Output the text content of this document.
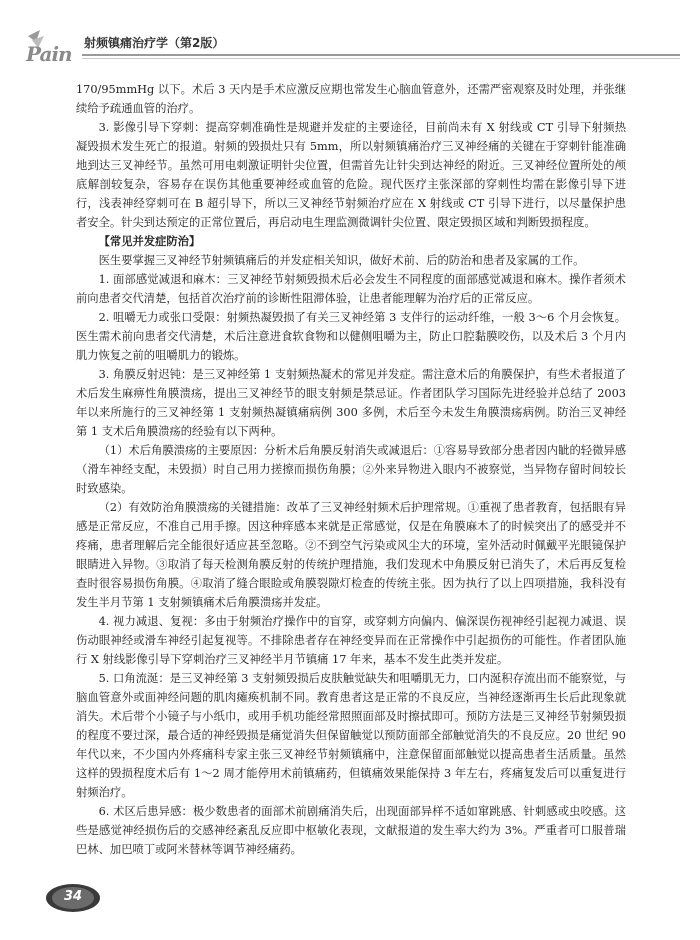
Pain 射频镇痛治疗学（第2版）

170/95mmHg 以下。术后 3 天内是手术应激反应期也常发生心脑血管意外，还需严密观察及时处理，并张继续给予疏通血管的治疗。

3. 影像引导下穿刺：提高穿刺准确性是规避并发症的主要途径，目前尚未有 X 射线或 CT 引导下射频热凝毁损术发生死亡的报道。射频的毁损灶只有 5mm，所以射频镇痛治疗三叉神经痛的关键在于穿刺针能准确地到达三叉神经节。虽然可用电刺激证明针尖位置，但需首先让针尖到达神经的附近。三叉神经位置所处的颅底解剖较复杂，容易存在误伤其他重要神经或血管的危险。现代医疗主张深部的穿刺性均需在影像引导下进行，浅表神经穿刺可在 B 超引导下，所以三叉神经节射频治疗应在 X 射线或 CT 引导下进行，以尽量保护患者安全。针尖到达预定的正常位置后，再启动电生理监测微调针尖位置、限定毁损区域和判断毁损程度。

【常见并发症防治】

医生要掌握三叉神经节射频镇痛后的并发症相关知识，做好术前、后的防治和患者及家属的工作。

1. 面部感觉减退和麻木：三叉神经节射频毁损术后必会发生不同程度的面部感觉减退和麻木。操作者须术前向患者交代清楚，包括首次治疗前的诊断性阻滞体验，让患者能理解为治疗后的正常反应。

2. 咀嚼无力或张口受限：射频热凝毁损了有关三叉神经第 3 支伴行的运动纤维，一般 3～6 个月会恢复。医生需术前向患者交代清楚，术后注意进食软食物和以健侧咀嚼为主，防止口腔黏膜咬伤，以及术后 3 个月内肌力恢复之前的咀嚼肌力的锻炼。

3. 角膜反射迟钝：是三叉神经第 1 支射频热凝术的常见并发症。需注意术后的角膜保护，有些术者报道了术后发生麻痹性角膜溃疡，提出三叉神经节的眼支射频是禁忌证。作者团队学习国际先进经验并总结了 2003 年以来所施行的三叉神经第 1 支射频热凝镇痛病例 300 多例，术后至今未发生角膜溃疡病例。防治三叉神经第 1 支术后角膜溃疡的经验有以下两种。

（1）术后角膜溃疡的主要原因：分析术后角膜反射消失或减退后：①容易导致部分患者因内眦的轻微异感（滑车神经支配，未毁损）时自己用力搓擦而损伤角膜；②外来异物进入眼内不被察觉，当异物存留时间较长时致感染。

（2）有效防治角膜溃疡的关键措施：改革了三叉神经射频术后护理常规。①重视了患者教育，包括眼有异感是正常反应，不准自己用手擦。因这种痒感本来就是正常感觉，仅是在角膜麻木了的时候突出了的感受并不疼痛，患者理解后完全能很好适应甚至忽略。②不到空气污染或风尘大的环境，室外活动时佩戴平光眼镜保护眼睛进入异物。③取消了每天检测角膜反射的传统护理措施，我们发现术中角膜反射已消失了，术后再反复检查时很容易损伤角膜。④取消了缝合眼睑或角膜裂隙灯检查的传统主张。因为执行了以上四项措施，我科没有发生半月节第 1 支射频镇痛术后角膜溃疡并发症。

4. 视力减退、复视：多由于射频治疗操作中的盲穿，或穿刺方向偏内、偏深误伤视神经引起视力减退、误伤动眼神经或滑车神经引起复视等。不排除患者存在神经变异而在正常操作中引起损伤的可能性。作者团队施行 X 射线影像引导下穿刺治疗三叉神经半月节镇痛 17 年来，基本不发生此类并发症。

5. 口角流涎：是三叉神经第 3 支射频毁损后皮肤触觉缺失和咀嚼肌无力，口内涎积存流出而不能察觉，与脑血管意外或面神经问题的肌肉瘫痪机制不同。教育患者这是正常的不良反应，当神经逐渐再生长后此现象就消失。术后带个小镜子与小纸巾，或用手机功能经常照照面部及时擦拭即可。预防方法是三叉神经节射频毁损的程度不要过深，最合适的神经毁损是痛觉消失但保留触觉以预防面部全部触觉消失的不良反应。20 世纪 90 年代以来，不少国内外疼痛科专家主张三叉神经节射频镇痛中，注意保留面部触觉以提高患者生活质量。虽然这样的毁损程度术后有 1～2 周才能停用术前镇痛药，但镇痛效果能保持 3 年左右，疼痛复发后可以重复进行射频治疗。

6. 术区后患异感：极少数患者的面部术前剧痛消失后，出现面部异样不适如窜跳感、针刺感或虫咬感。这些是感觉神经损伤后的交感神经紊乱反应即中枢敏化表现，文献报道的发生率大约为 3%。严重者可口服普瑞巴林、加巴喷丁或阿米替林等调节神经痛药。

34
